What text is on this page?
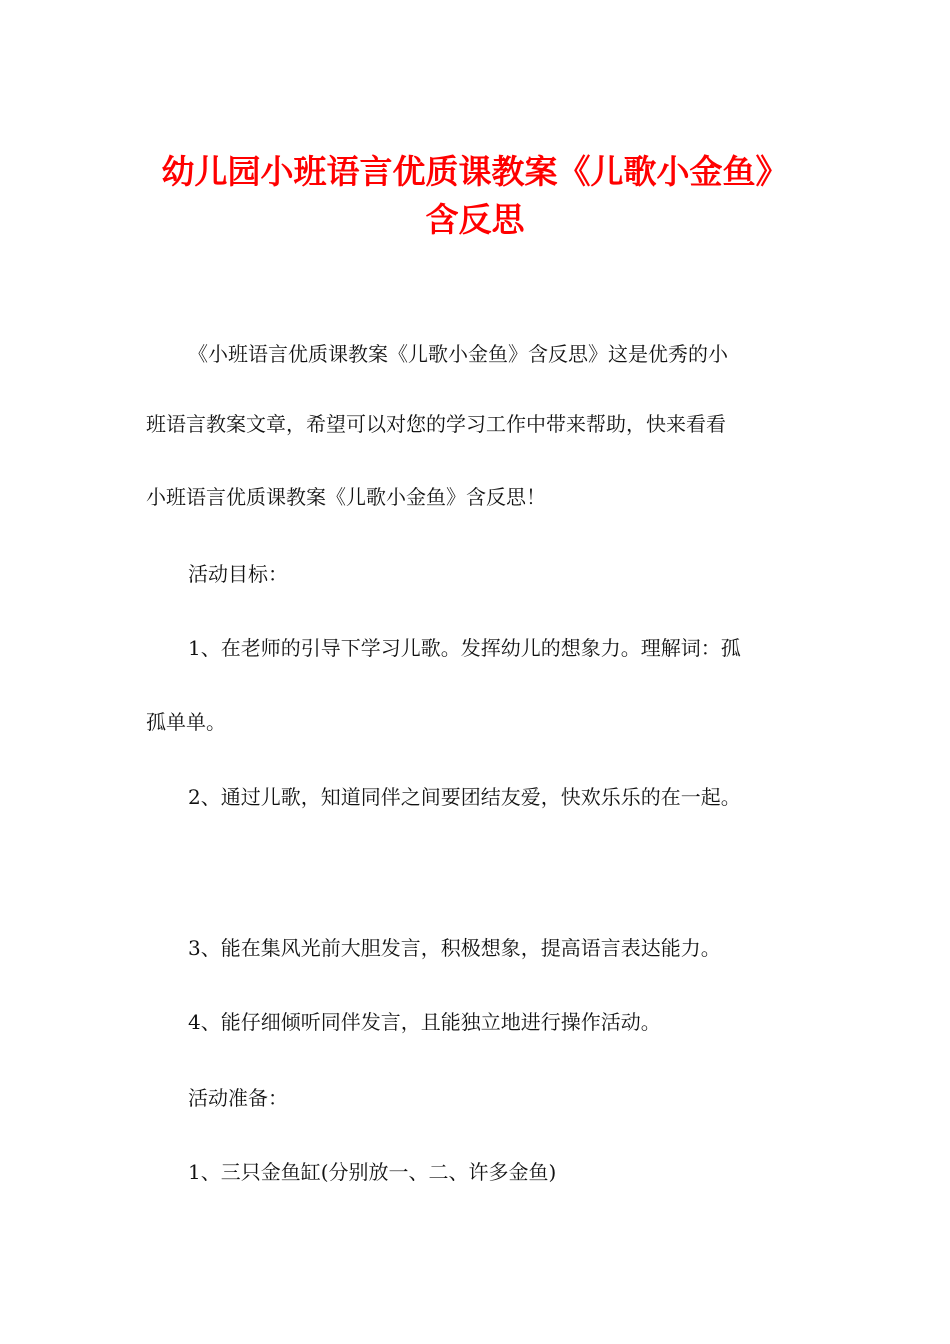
幼儿园小班语言优质课教案《儿歌小金鱼》
含反思
《小班语言优质课教案《儿歌小金鱼》含反思》这是优秀的小
班语言教案文章，希望可以对您的学习工作中带来帮助，快来看看
小班语言优质课教案《儿歌小金鱼》含反思！
活动目标：
1、在老师的引导下学习儿歌。发挥幼儿的想象力。理解词：孤
孤单单。
2、通过儿歌，知道同伴之间要团结友爱，快欢乐乐的在一起。
3、能在集风光前大胆发言，积极想象，提高语言表达能力。
4、能仔细倾听同伴发言，且能独立地进行操作活动。
活动准备：
1、三只金鱼缸(分别放一、二、许多金鱼)
